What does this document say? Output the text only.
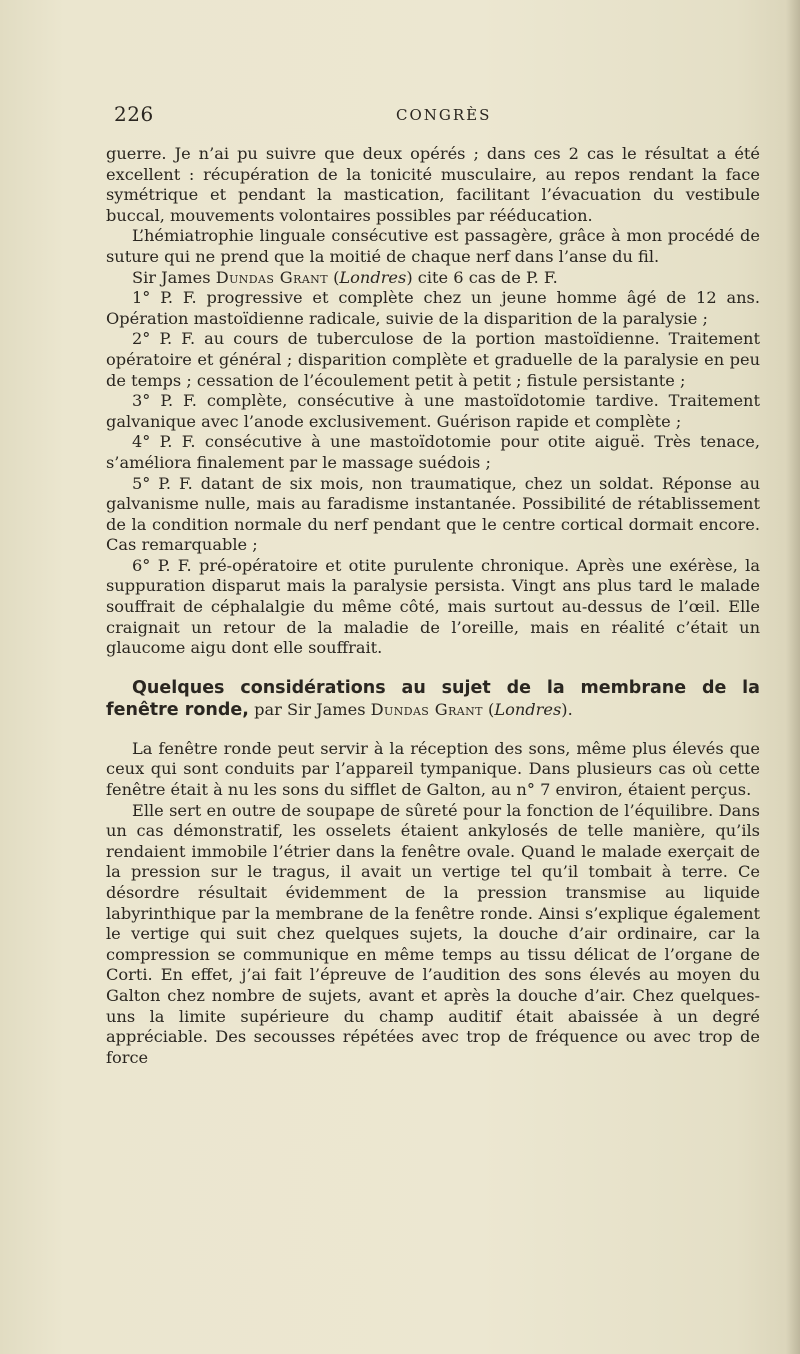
226	CONGRÈS

guerre. Je n’ai pu suivre que deux opérés ; dans ces 2 cas le résultat a été excellent : récupération de la tonicité musculaire, au repos rendant la face symétrique et pendant la mastication, facilitant l’évacuation du vestibule buccal, mouvements volontaires possibles par rééducation.

L’hémiatrophie linguale consécutive est passagère, grâce à mon procédé de suture qui ne prend que la moitié de chaque nerf dans l’anse du fil.

Sir James Dundas Grant (Londres) cite 6 cas de P. F.

1° P. F. progressive et complète chez un jeune homme âgé de 12 ans. Opération mastoïdienne radicale, suivie de la disparition de la paralysie ;

2° P. F. au cours de tuberculose de la portion mastoïdienne. Traitement opératoire et général ; disparition complète et graduelle de la paralysie en peu de temps ; cessation de l’écoulement petit à petit ; fistule persistante ;

3° P. F. complète, consécutive à une mastoïdotomie tardive. Traitement galvanique avec l’anode exclusivement. Guérison rapide et complète ;

4° P. F. consécutive à une mastoïdotomie pour otite aiguë. Très tenace, s’améliora finalement par le massage suédois ;

5° P. F. datant de six mois, non traumatique, chez un soldat. Réponse au galvanisme nulle, mais au faradisme instantanée. Possibilité de rétablissement de la condition normale du nerf pendant que le centre cortical dormait encore. Cas remarquable ;

6° P. F. pré-opératoire et otite purulente chronique. Après une exérèse, la suppuration disparut mais la paralysie persista. Vingt ans plus tard le malade souffrait de céphalalgie du même côté, mais surtout au-dessus de l’œil. Elle craignait un retour de la maladie de l’oreille, mais en réalité c’était un glaucome aigu dont elle souffrait.

Quelques considérations au sujet de la membrane de la fenêtre ronde, par Sir James Dundas Grant (Londres).

La fenêtre ronde peut servir à la réception des sons, même plus élevés que ceux qui sont conduits par l’appareil tympanique. Dans plusieurs cas où cette fenêtre était à nu les sons du sifflet de Galton, au n° 7 environ, étaient perçus.

Elle sert en outre de soupape de sûreté pour la fonction de l’équilibre. Dans un cas démonstratif, les osselets étaient ankylosés de telle manière, qu’ils rendaient immobile l’étrier dans la fenêtre ovale. Quand le malade exerçait de la pression sur le tragus, il avait un vertige tel qu’il tombait à terre. Ce désordre résultait évidemment de la pression transmise au liquide labyrinthique par la membrane de la fenêtre ronde. Ainsi s’explique également le vertige qui suit chez quelques sujets, la douche d’air ordinaire, car la compression se communique en même temps au tissu délicat de l’organe de Corti. En effet, j’ai fait l’épreuve de l’audition des sons élevés au moyen du Galton chez nombre de sujets, avant et après la douche d’air. Chez quelques-uns la limite supérieure du champ auditif était abaissée à un degré appréciable. Des secousses répétées avec trop de fréquence ou avec trop de force
